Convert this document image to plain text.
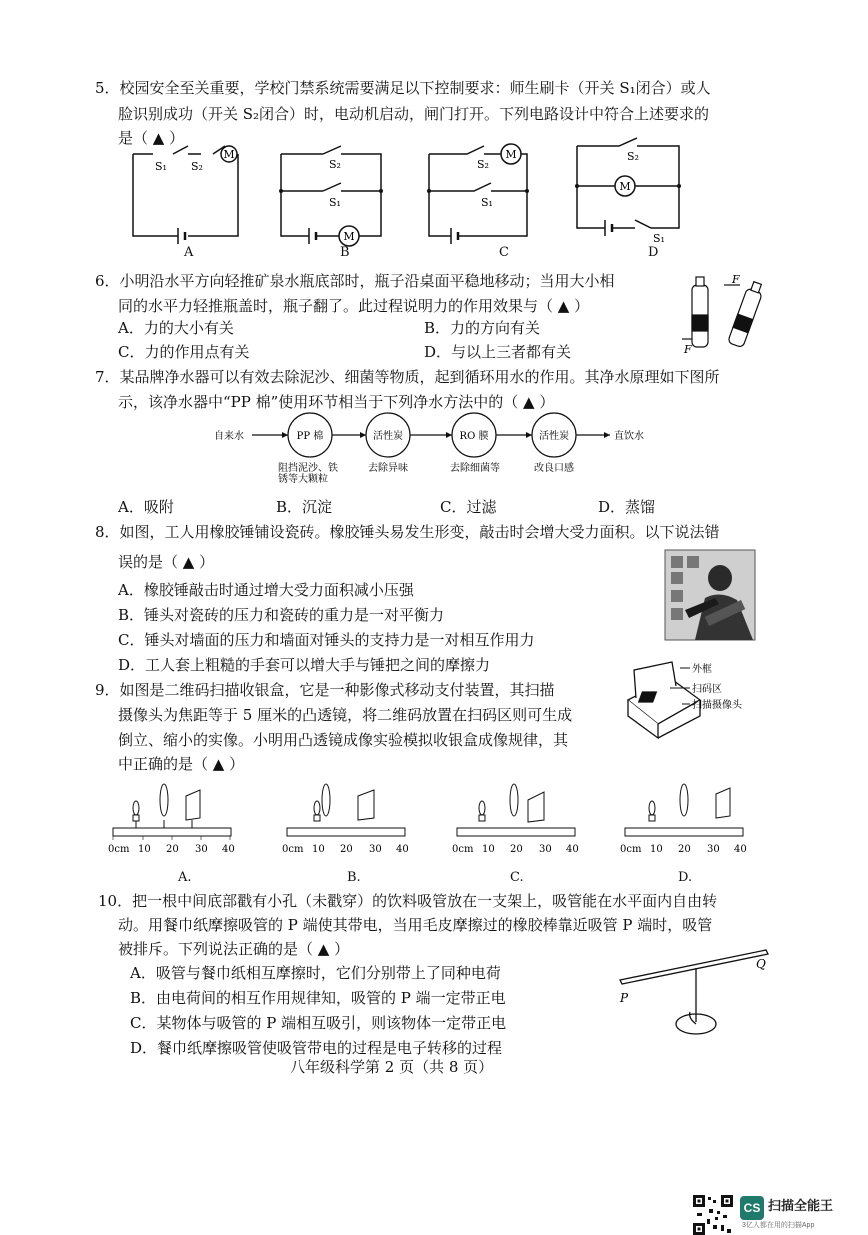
5．校园安全至关重要，学校门禁系统需要满足以下控制要求：师生刷卡（开关 S₁闭合）或人
脸识别成功（开关 S₂闭合）时，电动机启动，闸门打开。下列电路设计中符合上述要求的
是（ ▲ ）
M
S₁ S₂
A
M
S₂
S₁
B
M
S₂
S₁
C
M
S₂
S₁
D
6．小明沿水平方向轻推矿泉水瓶底部时，瓶子沿桌面平稳地移动；当用大小相
同的水平力轻推瓶盖时，瓶子翻了。此过程说明力的作用效果与（ ▲ ）
A．力的大小有关	B．力的方向有关
C．力的作用点有关	D．与以上三者都有关	F
F
7．某品牌净水器可以有效去除泥沙、细菌等物质，起到循环用水的作用。其净水原理如下图所
示，该净水器中“PP 棉”使用环节相当于下列净水方法中的（ ▲ ）
自来水	直饮水
PP 棉	活性炭	RO 膜	活性炭
阻挡泥沙、铁
锈等大颗粒
去除异味	去除细菌等	改良口感
A．吸附	B．沉淀	C．过滤	D．蒸馏
8．如图，工人用橡胶锤铺设瓷砖。橡胶锤头易发生形变，敲击时会增大受力面积。以下说法错
误的是（ ▲ ）
A．橡胶锤敲击时通过增大受力面积减小压强
B．锤头对瓷砖的压力和瓷砖的重力是一对平衡力
C．锤头对墙面的压力和墙面对锤头的支持力是一对相互作用力
D．工人套上粗糙的手套可以增大手与锤把之间的摩擦力
9．如图是二维码扫描收银盒，它是一种影像式移动支付装置，其扫描
摄像头为焦距等于 5 厘米的凸透镜，将二维码放置在扫码区则可生成
倒立、缩小的实像。小明用凸透镜成像实验模拟收银盒成像规律，其
中正确的是（ ▲ ）
外框
扫码区
扫描摄像头
0cm 10 20 30 40
A.
0cm 10 20 30 40
B.
0cm 10 20 30 40
C.
0cm 10 20 30 40
D.
10．把一根中间底部戳有小孔（未戳穿）的饮料吸管放在一支架上，吸管能在水平面内自由转
动。用餐巾纸摩擦吸管的 P 端使其带电，当用毛皮摩擦过的橡胶棒靠近吸管 P 端时，吸管
被排斥。下列说法正确的是（ ▲ ）
A．吸管与餐巾纸相互摩擦时，它们分别带上了同种电荷
B．由电荷间的相互作用规律知，吸管的 P 端一定带正电
C．某物体与吸管的 P 端相互吸引，则该物体一定带正电
D．餐巾纸摩擦吸管使吸管带电的过程是电子转移的过程
P
Q
八年级科学第 2 页（共 8 页）
CS 扫描全能王
3亿人都在用的扫描App
